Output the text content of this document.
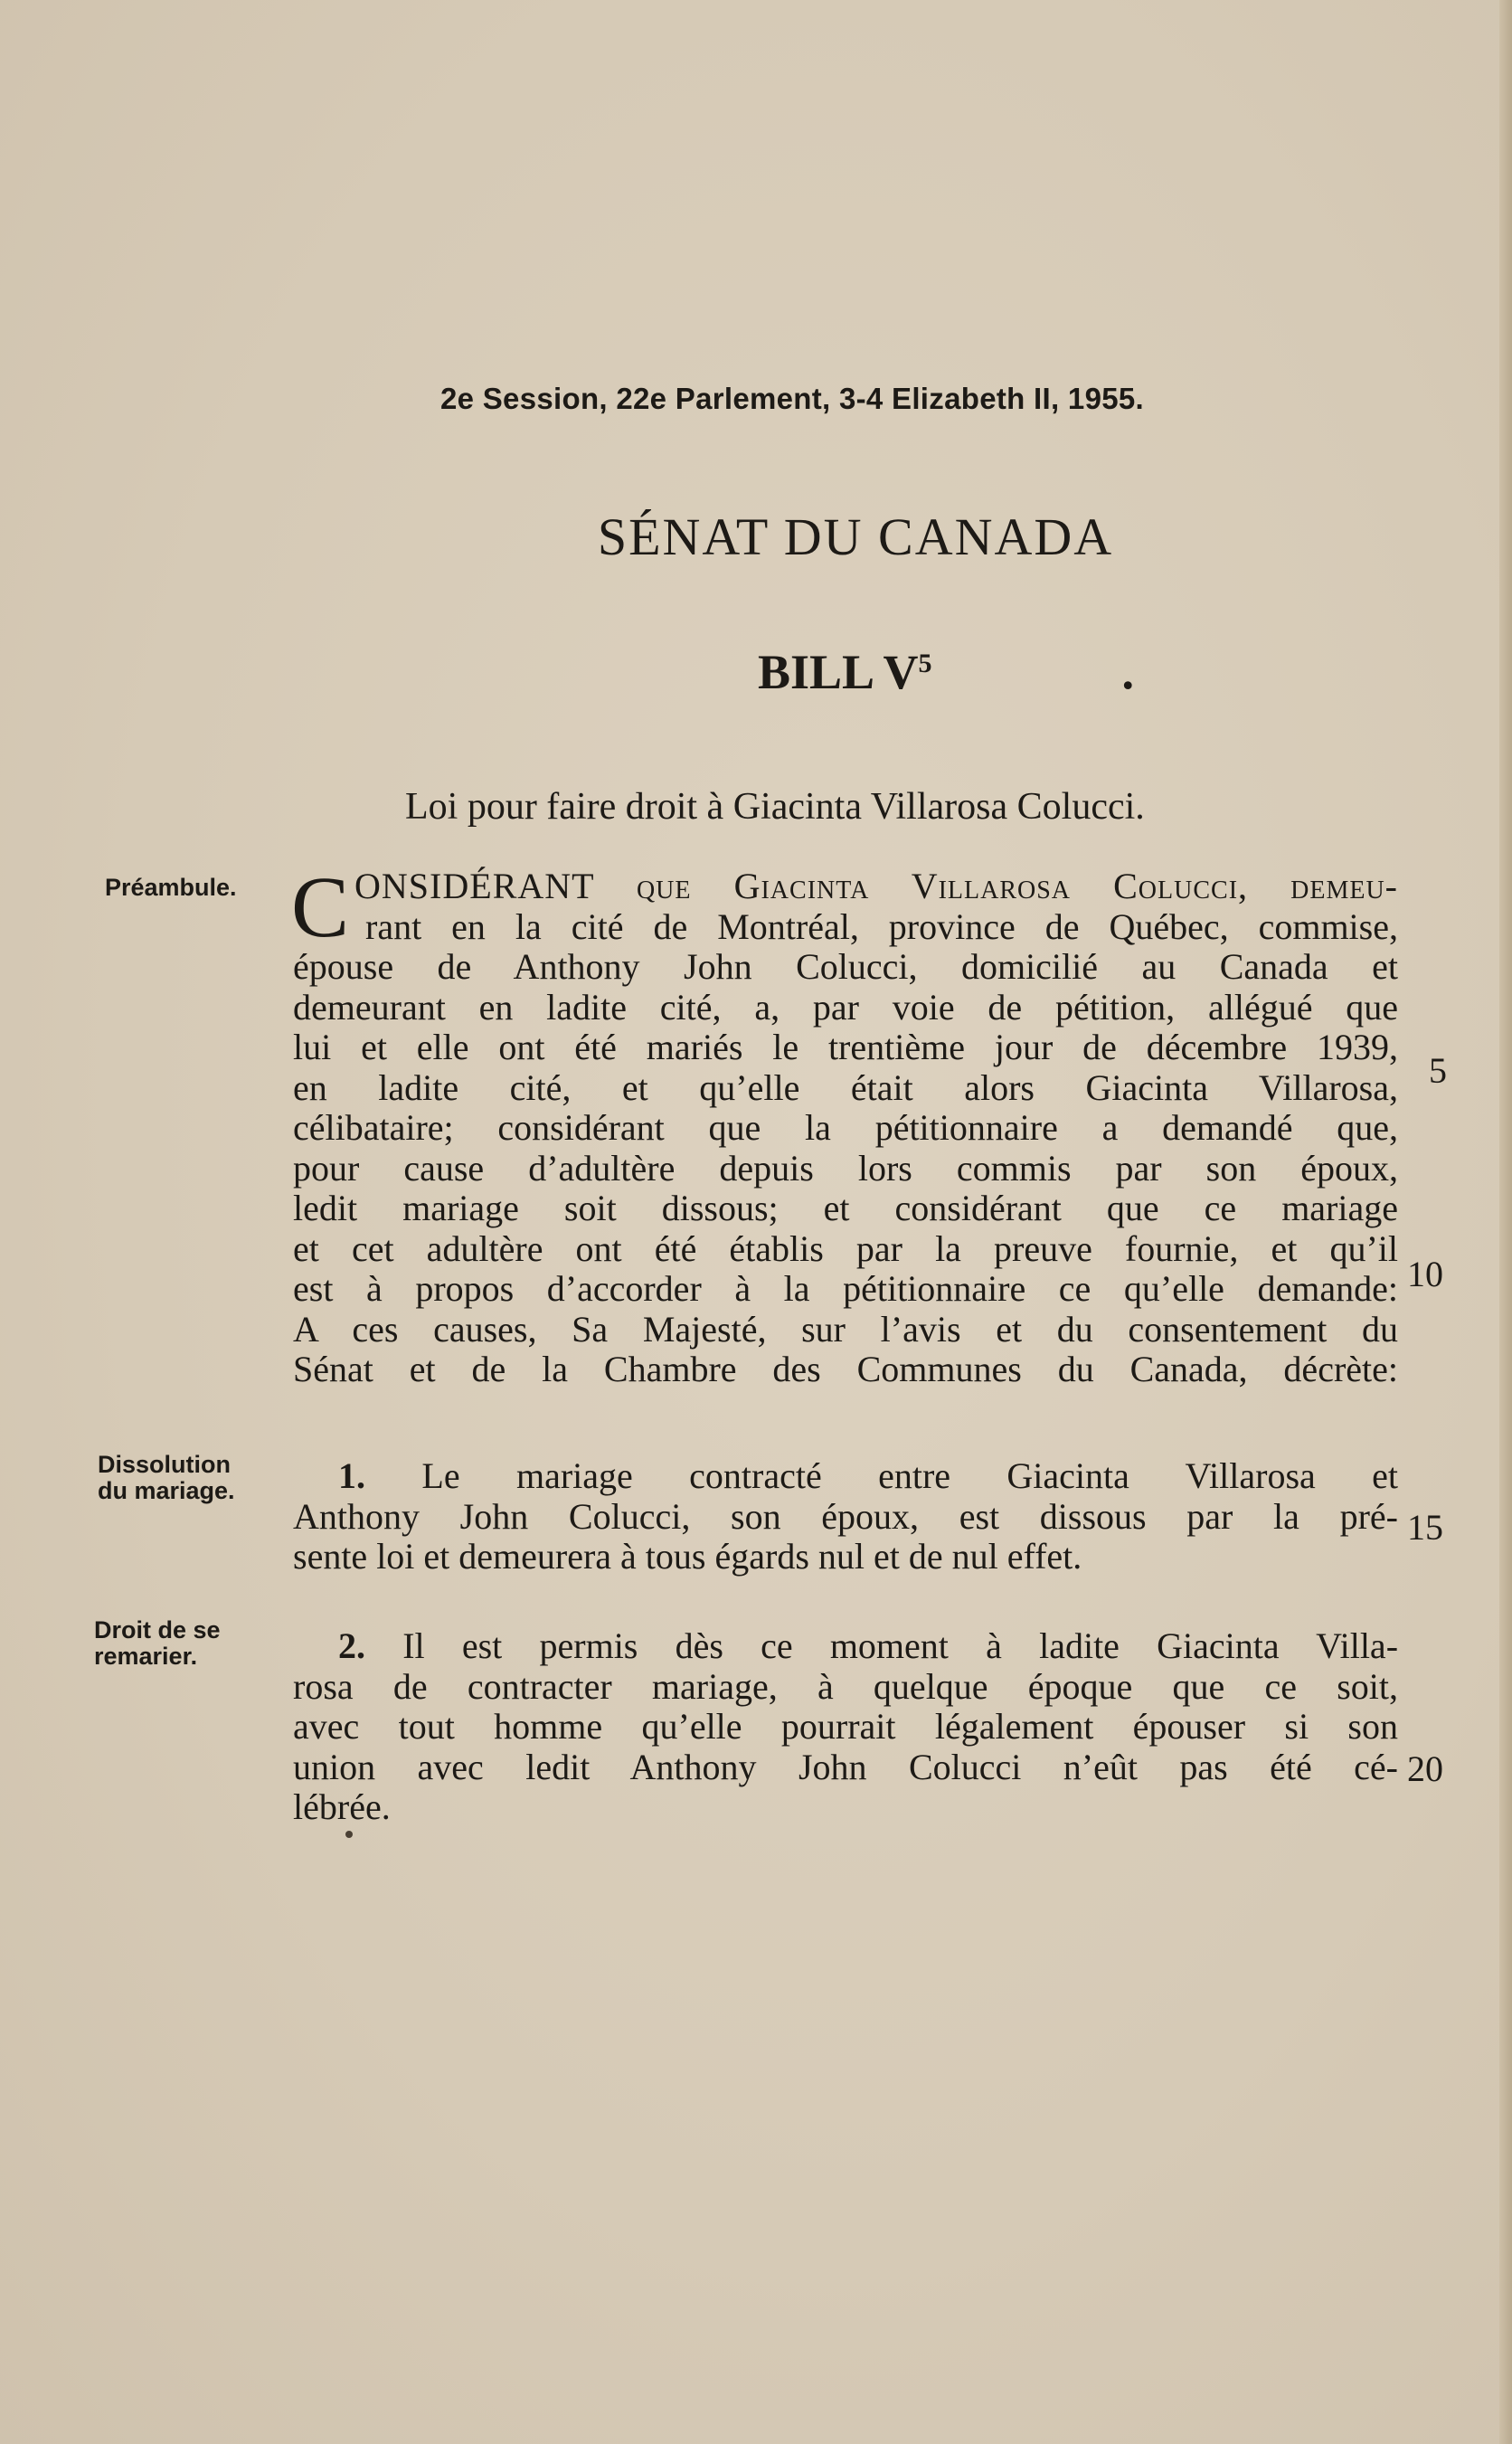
2e Session, 22e Parlement, 3-4 Elizabeth II, 1955.
SÉNAT DU CANADA
BILL $V^5$	.
Loi pour faire droit à Giacinta Villarosa Colucci.
Préambule.
Dissolution
du mariage.
Droit de se
remarier.
C ONSIDÉRANT que Giacinta Villarosa Colucci, demeu-
rant en la cité de Montréal, province de Québec, commise,
épouse de Anthony John Colucci, domicilié au Canada et
demeurant en ladite cité, a, par voie de pétition, allégué que
lui et elle ont été mariés le trentième jour de décembre 1939,
en ladite cité, et qu’elle était alors Giacinta Villarosa,
célibataire; considérant que la pétitionnaire a demandé que,
pour cause d’adultère depuis lors commis par son époux,
ledit mariage soit dissous; et considérant que ce mariage
et cet adultère ont été établis par la preuve fournie, et qu’il
est à propos d’accorder à la pétitionnaire ce qu’elle demande:
A ces causes, Sa Majesté, sur l’avis et du consentement du
Sénat et de la Chambre des Communes du Canada, décrète:
1. Le mariage contracté entre Giacinta Villarosa et
Anthony John Colucci, son époux, est dissous par la pré-
sente loi et demeurera à tous égards nul et de nul effet.
2. Il est permis dès ce moment à ladite Giacinta Villa-
rosa de contracter mariage, à quelque époque que ce soit,
avec tout homme qu’elle pourrait légalement épouser si son
union avec ledit Anthony John Colucci n’eût pas été cé-
lébrée.
5
10
15
20
